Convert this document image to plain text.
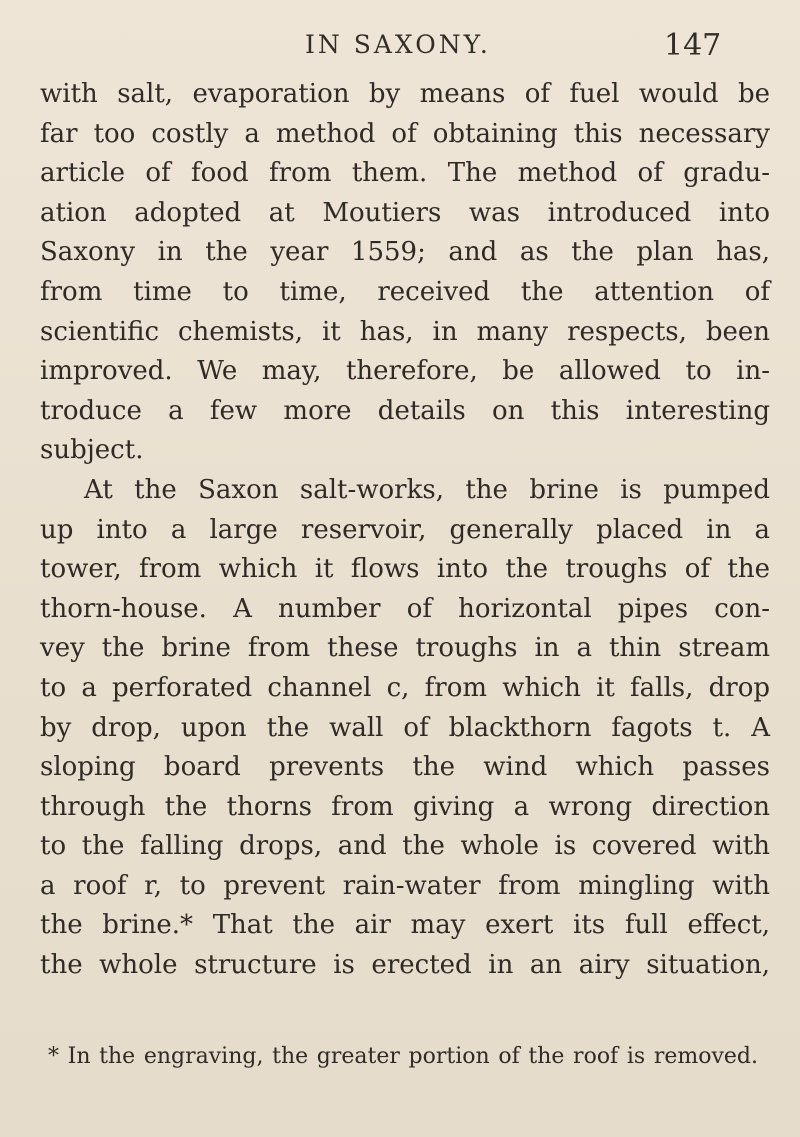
IN SAXONY.	147
with salt, evaporation by means of fuel would be
far too costly a method of obtaining this necessary
article of food from them. The method of gradu-
ation adopted at Moutiers was introduced into
Saxony in the year 1559; and as the plan has,
from time to time, received the attention of
scientific chemists, it has, in many respects, been
improved. We may, therefore, be allowed to in-
troduce a few more details on this interesting
subject.
At the Saxon salt-works, the brine is pumped
up into a large reservoir, generally placed in a
tower, from which it flows into the troughs of the
thorn-house. A number of horizontal pipes con-
vey the brine from these troughs in a thin stream
to a perforated channel c, from which it falls, drop
by drop, upon the wall of blackthorn fagots t. A
sloping board prevents the wind which passes
through the thorns from giving a wrong direction
to the falling drops, and the whole is covered with
a roof r, to prevent rain-water from mingling with
the brine.* That the air may exert its full effect,
the whole structure is erected in an airy situation,
* In the engraving, the greater portion of the roof is removed.
